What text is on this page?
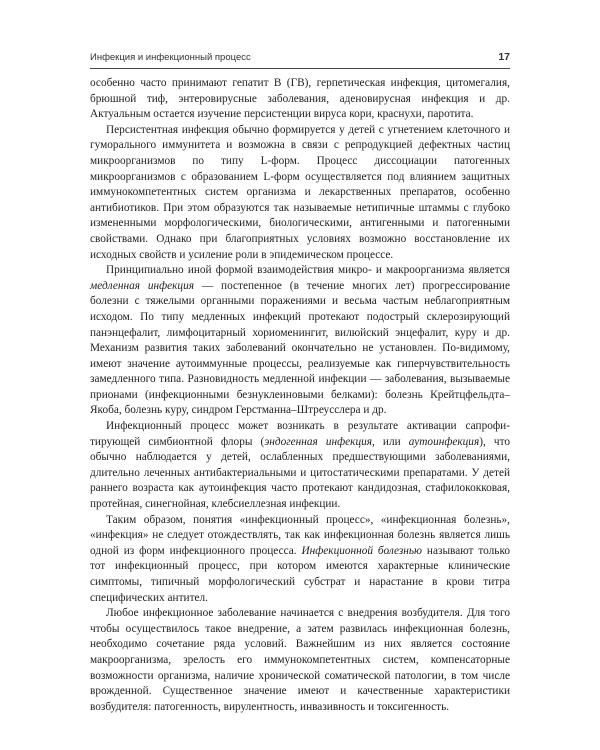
Инфекция и инфекционный процесс	17

особенно часто принимают гепатит В (ГВ), герпетическая инфекция, цитомегалия, брюшной тиф, энтеровирусные заболевания, аденовирусная инфекция и др. Актуальным остается изучение персистенции вируса кори, краснухи, паротита.

Персистентная инфекция обычно формируется у детей с угнетением клеточного и гуморального иммунитета и возможна в связи с репродукцией дефектных частиц микроорганизмов по типу L-форм. Процесс диссоциации патогенных микроорганизмов с образованием L-форм осуществляется под влиянием защитных иммунокомпетентных систем организма и лекарственных препаратов, особенно антибиотиков. При этом образуются так называемые нетипичные штаммы с глубоко измененными морфологическими, биологическими, антигенными и патогенными свойствами. Однако при благоприятных условиях возможно восстановление их исходных свойств и усиление роли в эпидемическом процессе.

Принципиально иной формой взаимодействия микро- и макроорганизма является медленная инфекция — постепенное (в течение многих лет) прогрессирование болезни с тяжелыми органными поражениями и весьма частым неблагоприятным исходом. По типу медленных инфекций протекают подострый склерозирующий панэнцефалит, лимфоцитарный хориоменингит, вилюйский энцефалит, куру и др. Механизм развития таких заболеваний окончательно не установлен. По-видимому, имеют значение аутоиммунные процессы, реализуемые как гиперчувствительность замедленного типа. Разновидность медленной инфекции — заболевания, вызываемые прионами (инфекционными безнуклеиновыми белками): болезнь Крейтцфельдта–Якоба, болезнь куру, синдром Герстманна–Штреусслера и др.

Инфекционный процесс может возникать в результате активации сапрофитирующей симбионтной флоры (эндогенная инфекция, или аутоинфекция), что обычно наблюдается у детей, ослабленных предшествующими заболеваниями, длительно леченных антибактериальными и цитостатическими препаратами. У детей раннего возраста как аутоинфекция часто протекают кандидозная, стафилококковая, протейная, синегнойная, клебсиеллезная инфекции.

Таким образом, понятия «инфекционный процесс», «инфекционная болезнь», «инфекция» не следует отождествлять, так как инфекционная болезнь является лишь одной из форм инфекционного процесса. Инфекционной болезнью называют только тот инфекционный процесс, при котором имеются характерные клинические симптомы, типичный морфологический субстрат и нарастание в крови титра специфических антител.

Любое инфекционное заболевание начинается с внедрения возбудителя. Для того чтобы осуществилось такое внедрение, а затем развилась инфекционная болезнь, необходимо сочетание ряда условий. Важнейшим из них является состояние макроорганизма, зрелость его иммунокомпетентных систем, компенсаторные возможности организма, наличие хронической соматической патологии, в том числе врожденной. Существенное значение имеют и качественные характеристики возбудителя: патогенность, вирулентность, инвазивность и токсигенность.
